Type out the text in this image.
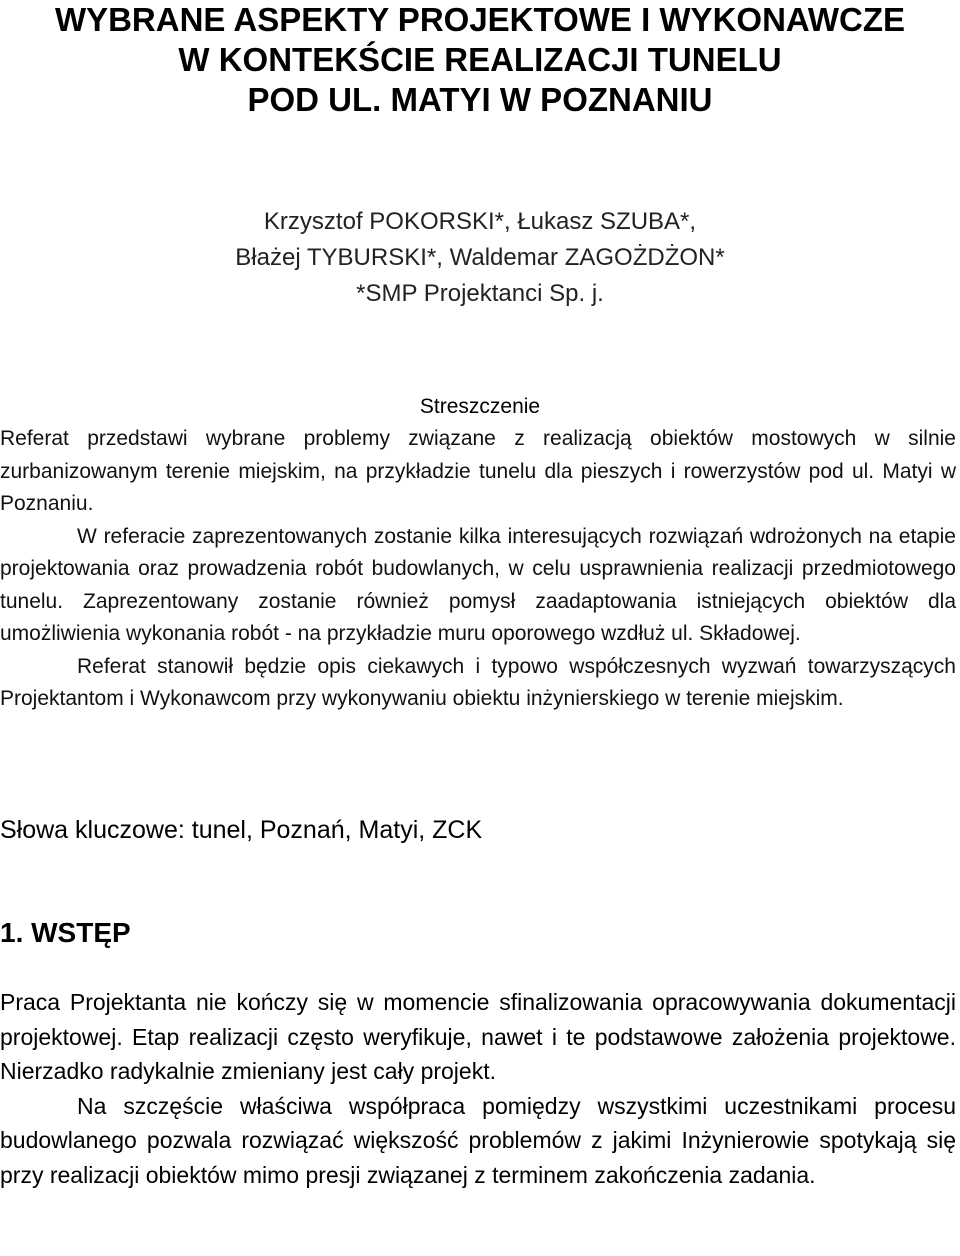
WYBRANE ASPEKTY PROJEKTOWE I WYKONAWCZE
W KONTEKŚCIE REALIZACJI TUNELU
POD UL. MATYI W POZNANIU
Krzysztof POKORSKI*, Łukasz SZUBA*,
Błażej TYBURSKI*, Waldemar ZAGOŻDŻON*
*SMP Projektanci Sp. j.
Streszczenie

Referat przedstawi wybrane problemy związane z realizacją obiektów mostowych w silnie zurbanizowanym terenie miejskim, na przykładzie tunelu dla pieszych i rowerzystów pod ul. Matyi w Poznaniu.

W referacie zaprezentowanych zostanie kilka interesujących rozwiązań wdrożonych na etapie projektowania oraz prowadzenia robót budowlanych, w celu usprawnienia realizacji przedmiotowego tunelu. Zaprezentowany zostanie również pomysł zaadaptowania istniejących obiektów dla umożliwienia wykonania robót - na przykładzie muru oporowego wzdłuż ul. Składowej.

Referat stanowił będzie opis ciekawych i typowo współczesnych wyzwań towarzyszących Projektantom i Wykonawcom przy wykonywaniu obiektu inżynierskiego w terenie miejskim.

Słowa kluczowe: tunel, Poznań, Matyi, ZCK
1. WSTĘP

Praca Projektanta nie kończy się w momencie sfinalizowania opracowywania dokumentacji projektowej. Etap realizacji często weryfikuje, nawet i te podstawowe założenia projektowe. Nierzadko radykalnie zmieniany jest cały projekt.

Na szczęście właściwa współpraca pomiędzy wszystkimi uczestnikami procesu budowlanego pozwala rozwiązać większość problemów z jakimi Inżynierowie spotykają się przy realizacji obiektów mimo presji związanej z terminem zakończenia zadania.
